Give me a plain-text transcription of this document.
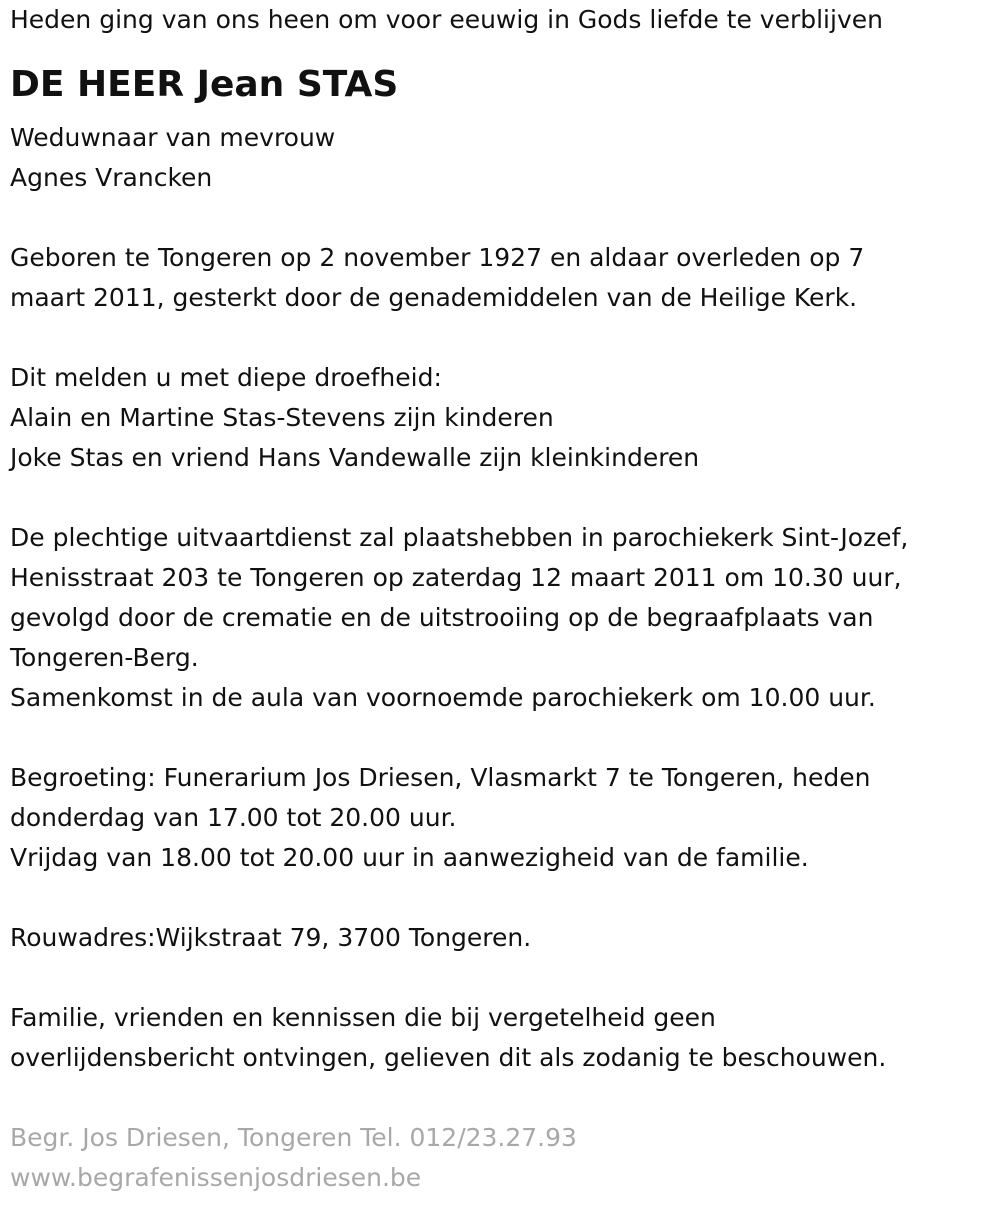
Heden ging van ons heen om voor eeuwig in Gods liefde te verblijven
DE HEER Jean STAS
Weduwnaar van mevrouw
Agnes Vrancken
Geboren te Tongeren op 2 november 1927 en aldaar overleden op 7
maart 2011, gesterkt door de genademiddelen van de Heilige Kerk.
Dit melden u met diepe droefheid:
Alain en Martine Stas-Stevens zijn kinderen
Joke Stas en vriend Hans Vandewalle zijn kleinkinderen
De plechtige uitvaartdienst zal plaatshebben in parochiekerk Sint-Jozef,
Henisstraat 203 te Tongeren op zaterdag 12 maart 2011 om 10.30 uur,
gevolgd door de crematie en de uitstrooiing op de begraafplaats van
Tongeren-Berg.
Samenkomst in de aula van voornoemde parochiekerk om 10.00 uur.
Begroeting: Funerarium Jos Driesen, Vlasmarkt 7 te Tongeren, heden
donderdag van 17.00 tot 20.00 uur.
Vrijdag van 18.00 tot 20.00 uur in aanwezigheid van de familie.
Rouwadres:Wijkstraat 79, 3700 Tongeren.
Familie, vrienden en kennissen die bij vergetelheid geen
overlijdensbericht ontvingen, gelieven dit als zodanig te beschouwen.
Begr. Jos Driesen, Tongeren Tel. 012/23.27.93
www.begrafenissenjosdriesen.be
